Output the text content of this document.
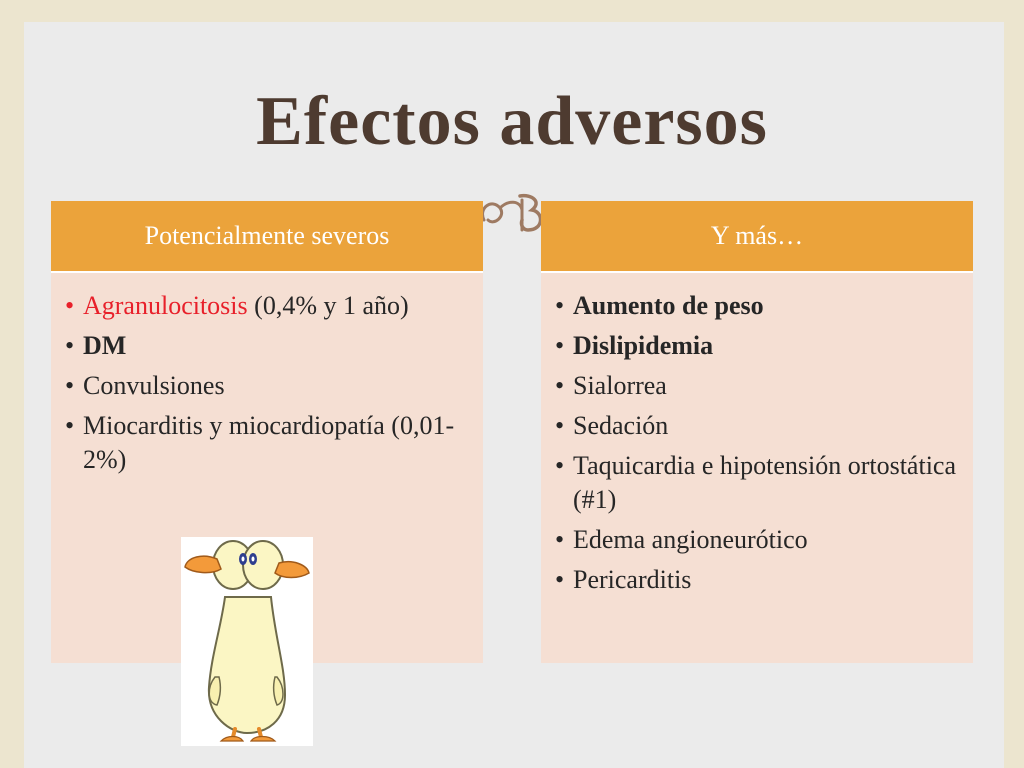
Efectos adversos
Potencialmente severos
• Agranulocitosis (0,4% y 1 año)
• DM
• Convulsiones
• Miocarditis y miocardiopatía (0,01-2%)
Y más…
• Aumento de peso
• Dislipidemia
• Sialorrea
• Sedación
• Taquicardia e hipotensión ortostática (#1)
• Edema angioneurótico
• Pericarditis
